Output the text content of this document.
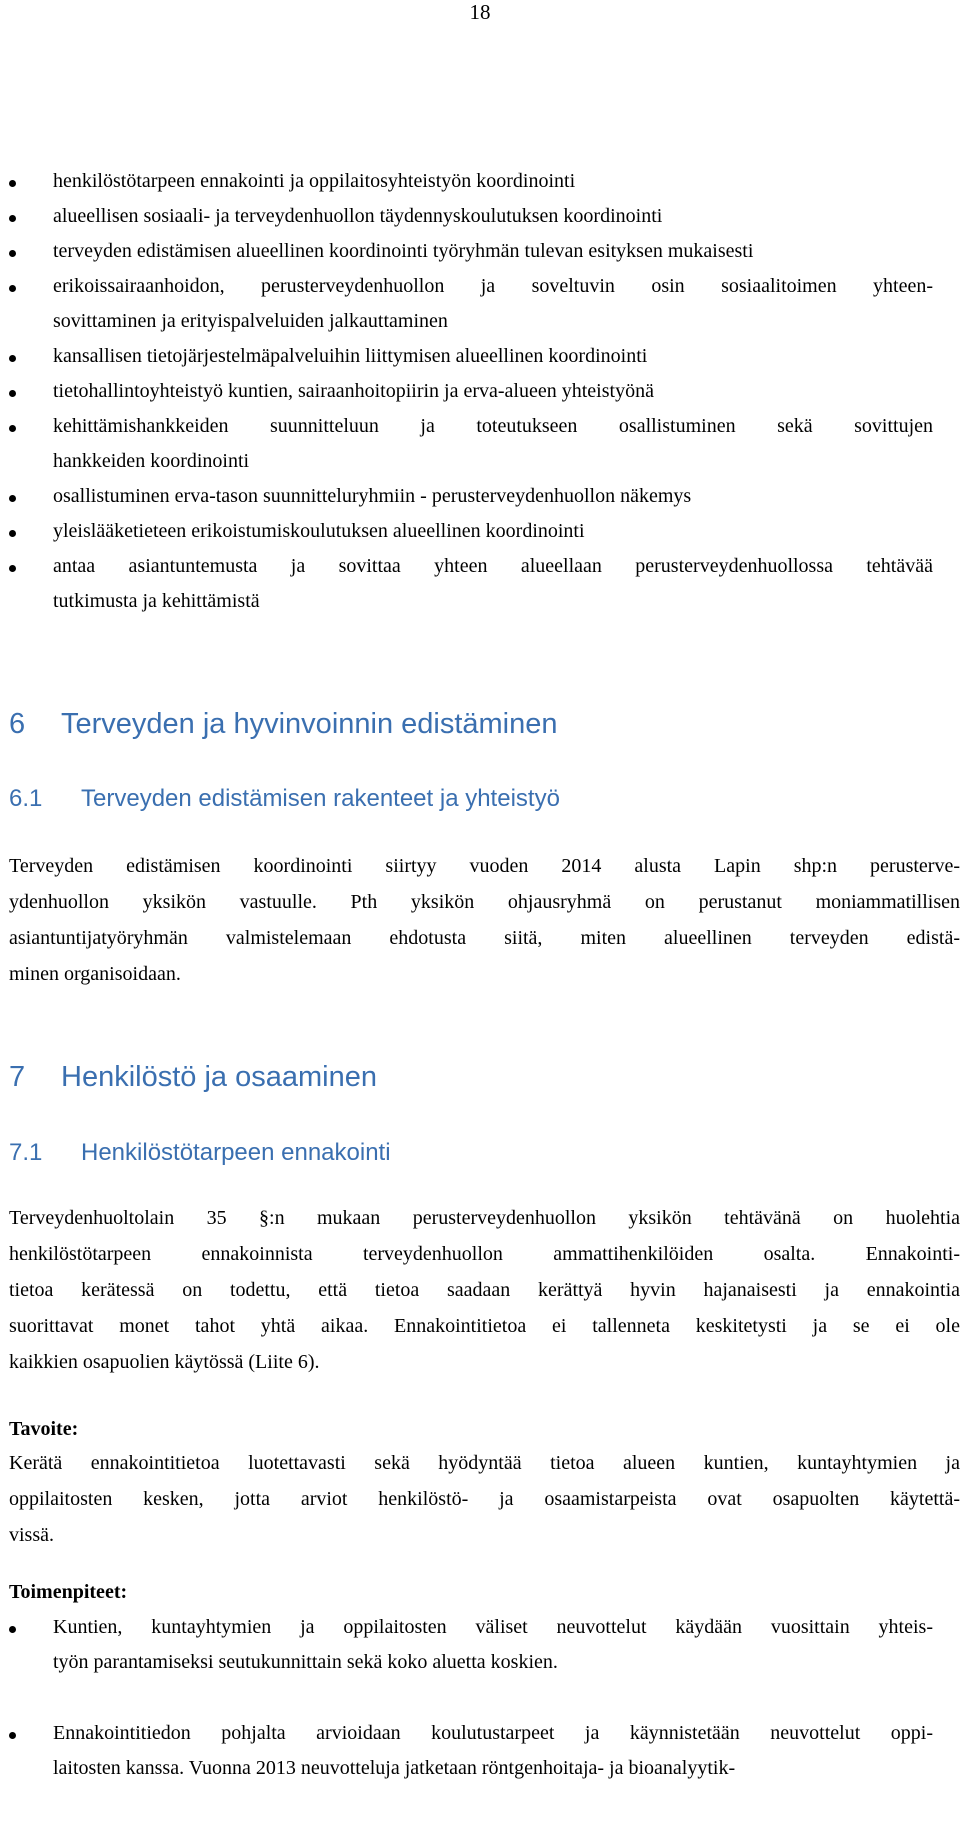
18
henkilöstötarpeen ennakointi ja oppilaitosyhteistyön koordinointi
alueellisen sosiaali- ja terveydenhuollon täydennyskoulutuksen koordinointi
terveyden edistämisen alueellinen koordinointi työryhmän tulevan esityksen mukaisesti
erikoissairaanhoidon, perusterveydenhuollon ja soveltuvin osin sosiaalitoimen yhteen-
sovittaminen ja erityispalveluiden jalkauttaminen
kansallisen tietojärjestelmäpalveluihin liittymisen alueellinen koordinointi
tietohallintoyhteistyö kuntien, sairaanhoitopiirin ja erva-alueen yhteistyönä
kehittämishankkeiden suunnitteluun ja toteutukseen osallistuminen sekä sovittujen
hankkeiden koordinointi
osallistuminen erva-tason suunnitteluryhmiin - perusterveydenhuollon näkemys
yleislääketieteen erikoistumiskoulutuksen alueellinen koordinointi
antaa asiantuntemusta ja sovittaa yhteen alueellaan perusterveydenhuollossa tehtävää
tutkimusta ja kehittämistä
6 Terveyden ja hyvinvoinnin edistäminen
6.1 Terveyden edistämisen rakenteet ja yhteistyö
Terveyden edistämisen koordinointi siirtyy vuoden 2014 alusta Lapin shp:n perusterve-
ydenhuollon yksikön vastuulle. Pth yksikön ohjausryhmä on perustanut moniammatillisen
asiantuntijatyöryhmän valmistelemaan ehdotusta siitä, miten alueellinen terveyden edistä-
minen organisoidaan.
7 Henkilöstö ja osaaminen
7.1 Henkilöstötarpeen ennakointi
Terveydenhuoltolain 35 §:n mukaan perusterveydenhuollon yksikön tehtävänä on huolehtia
henkilöstötarpeen ennakoinnista terveydenhuollon ammattihenkilöiden osalta. Ennakointi-
tietoa kerätessä on todettu, että tietoa saadaan kerättyä hyvin hajanaisesti ja ennakointia
suorittavat monet tahot yhtä aikaa. Ennakointitietoa ei tallenneta keskitetysti ja se ei ole
kaikkien osapuolien käytössä (Liite 6).
Tavoite:
Kerätä ennakointitietoa luotettavasti sekä hyödyntää tietoa alueen kuntien, kuntayhtymien ja
oppilaitosten kesken, jotta arviot henkilöstö- ja osaamistarpeista ovat osapuolten käytettä-
vissä.
Toimenpiteet:
Kuntien, kuntayhtymien ja oppilaitosten väliset neuvottelut käydään vuosittain yhteis-
työn parantamiseksi seutukunnittain sekä koko aluetta koskien.
Ennakointitiedon pohjalta arvioidaan koulutustarpeet ja käynnistetään neuvottelut oppi-
laitosten kanssa. Vuonna 2013 neuvotteluja jatketaan röntgenhoitaja- ja bioanalyytik-
